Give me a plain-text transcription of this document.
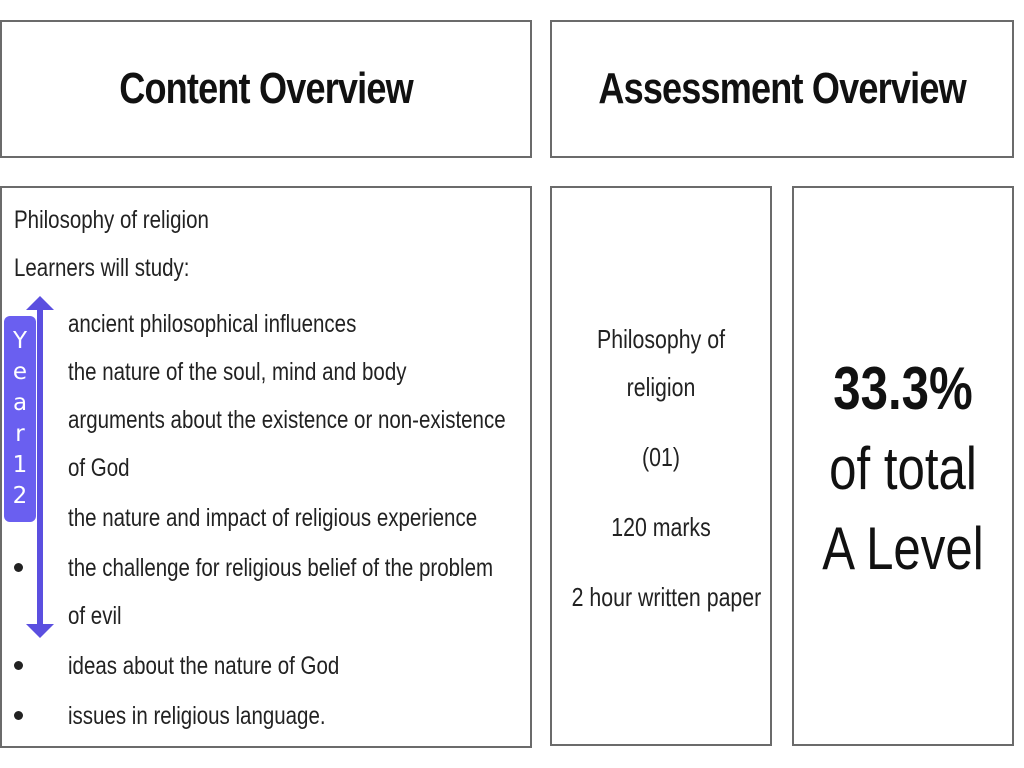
Content Overview	Assessment Overview
Philosophy of religion
Learners will study:
ancient philosophical influences
the nature of the soul, mind and body
arguments about the existence or non-existence
of God
the nature and impact of religious experience
the challenge for religious belief of the problem
of evil
ideas about the nature of God
issues in religious language.
Y
e
a
r
1
2
Philosophy of
religion
(01)
120 marks
2 hour written paper
33.3%
of total
A Level
